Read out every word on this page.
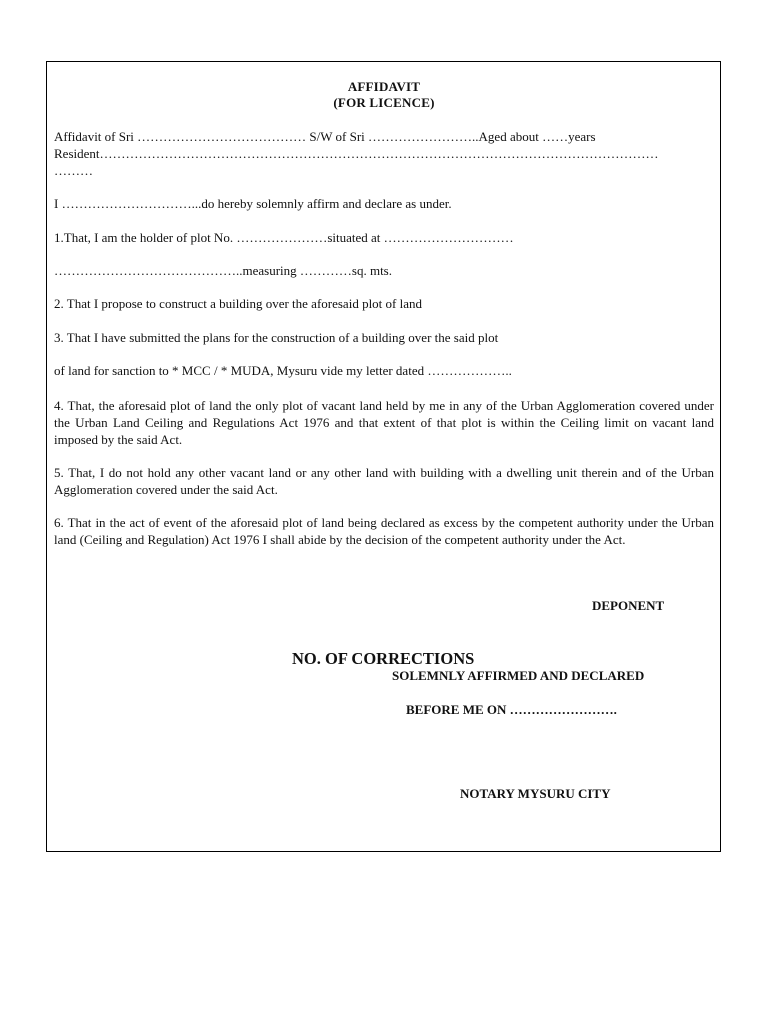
AFFIDAVIT
(FOR LICENCE)
Affidavit of Sri ………………………………… S/W of Sri ……………………..Aged about ……years
Resident…………………………………………………………………………………………………………………
………
I …………………………...do hereby solemnly affirm and declare as under.
1.That, I am the holder of plot No. …………………situated at …………………………
……………………………………..measuring …………sq. mts.
2. That I propose to construct a building over the aforesaid plot of land
3. That I have submitted the plans for the construction of a building over the said plot
of land for sanction to * MCC / * MUDA, Mysuru vide my letter dated ………………..
4. That, the aforesaid plot of land the only plot of vacant land held by me in any of the Urban Agglomeration covered under the Urban Land Ceiling and Regulations Act 1976 and that extent of that plot is within the Ceiling limit on vacant land imposed by the said Act.
5. That, I do not hold any other vacant land or any other land with building with a dwelling unit therein and of the Urban Agglomeration covered under the said Act.
6. That in the act of event of the aforesaid plot of land being declared as excess by the competent authority under the Urban land (Ceiling and Regulation) Act 1976 I shall abide by the decision of the competent authority under the Act.
DEPONENT
NO. OF CORRECTIONS
SOLEMNLY AFFIRMED AND DECLARED
BEFORE ME ON …………………….
NOTARY MYSURU CITY
